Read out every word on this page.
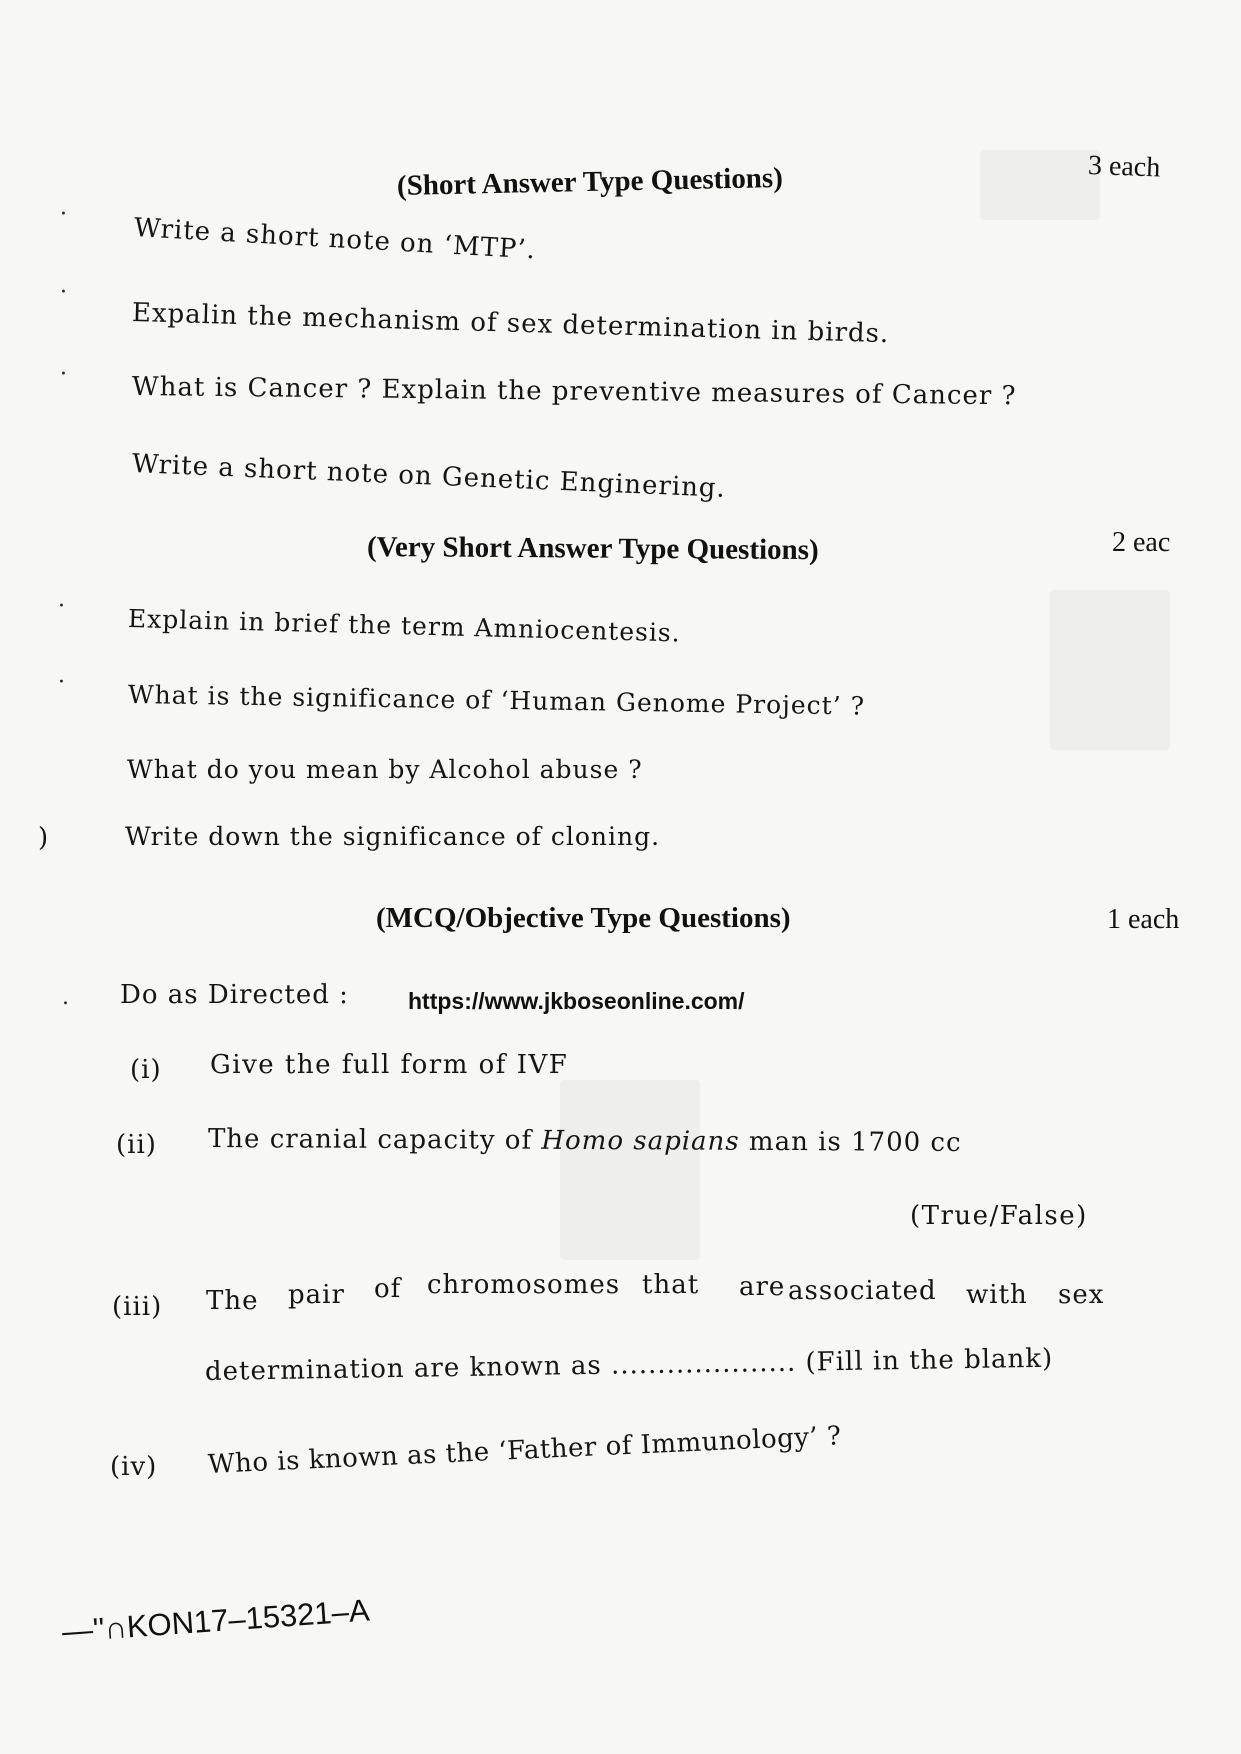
(Short Answer Type Questions)	3 each
·	Write a short note on ‘MTP’.
·
Expalin the mechanism of sex determination in birds.
· What is Cancer ? Explain the preventive measures of Cancer ?
Write a short note on Genetic Enginering.
(Very Short Answer Type Questions)	2 eac
·	Explain in brief the term Amniocentesis.
·	What is the significance of ‘Human Genome Project’ ?
What do you mean by Alcohol abuse ?
)	Write down the significance of cloning.
(MCQ/Objective Type Questions)	1 each
. Do as Directed :	https://www.jkboseonline.com/
(i) Give the full form of IVF
(ii) The cranial capacity of Homo sapians man is 1700 cc
(True/False)
(iii) The pair of chromosomes that are associated with sex
determination are known as .................... (Fill in the blank)
(iv) Who is known as the ‘Father of Immunology’ ?
—''∩KON17–15321–A
